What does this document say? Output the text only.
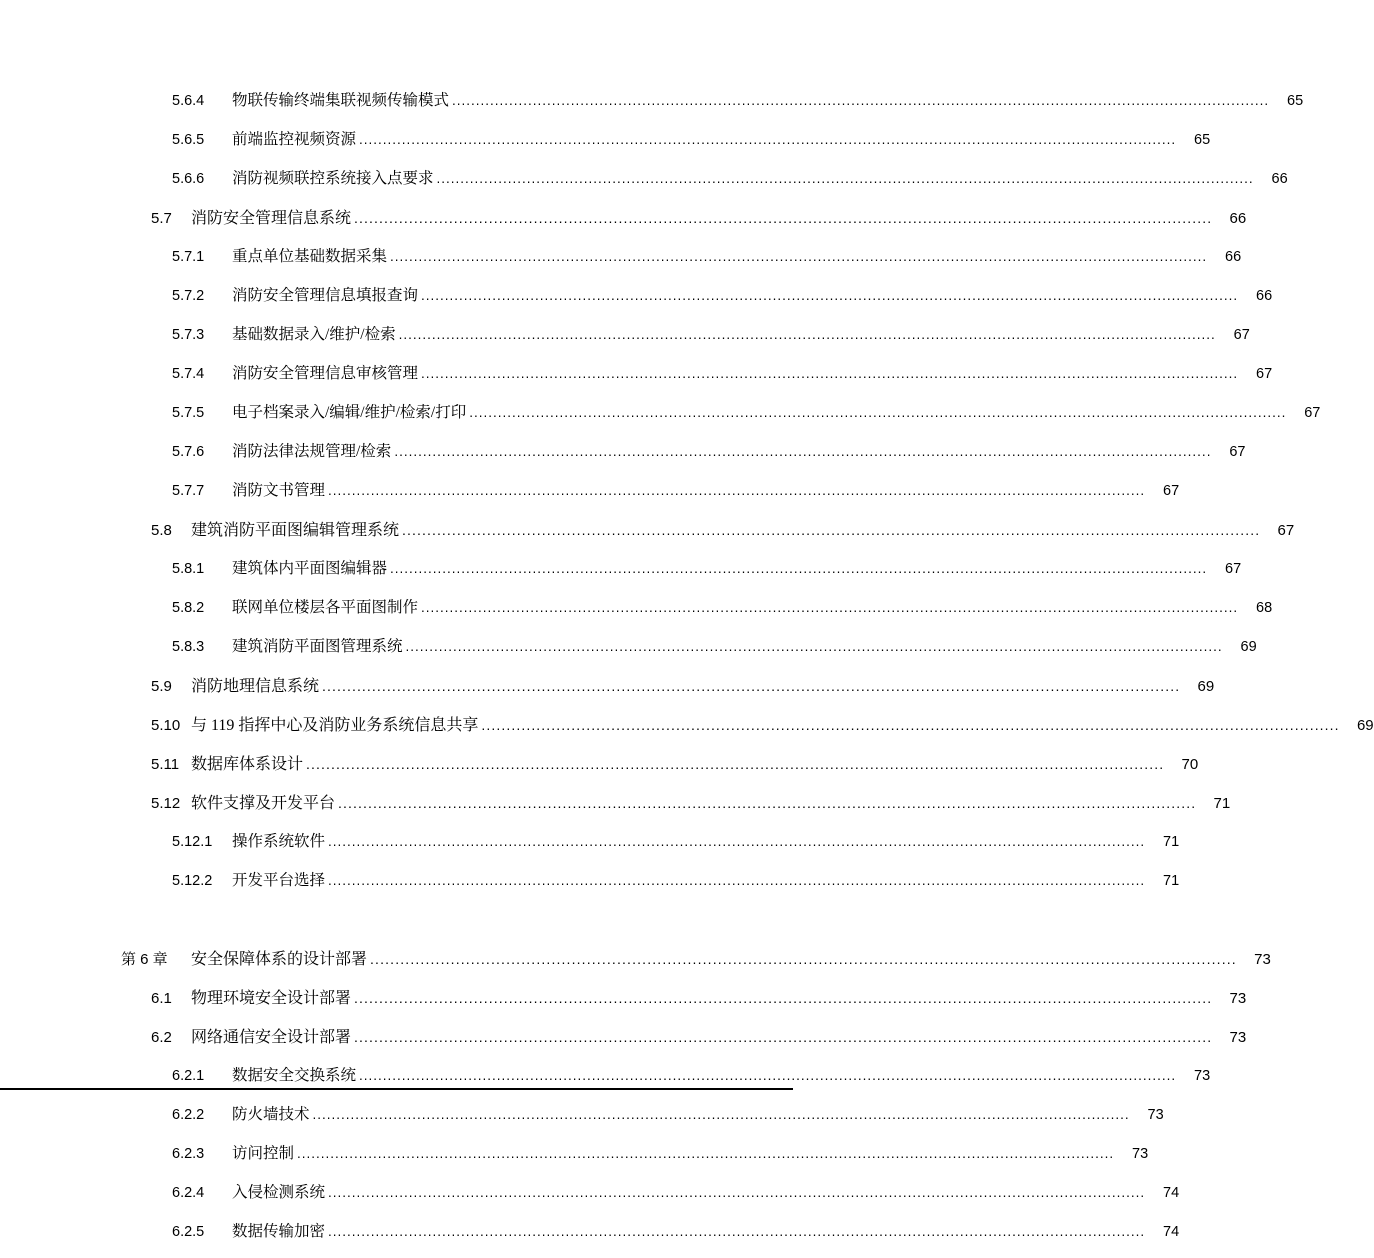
5.6.4	物联传输终端集联视频传输模式 .....	65
5.6.5	前端监控视频资源 .....	65
5.6.6	消防视频联控系统接入点要求 .....	66
5.7	消防安全管理信息系统 .....	66
5.7.1	重点单位基础数据采集 .....	66
5.7.2	消防安全管理信息填报查询 .....	66
5.7.3	基础数据录入/维护/检索 .....	67
5.7.4	消防安全管理信息审核管理 .....	67
5.7.5	电子档案录入/编辑/维护/检索/打印 .....	67
5.7.6	消防法律法规管理/检索 .....	67
5.7.7	消防文书管理 .....	67
5.8	建筑消防平面图编辑管理系统 .....	67
5.8.1	建筑体内平面图编辑器 .....	67
5.8.2	联网单位楼层各平面图制作 .....	68
5.8.3	建筑消防平面图管理系统 .....	69
5.9	消防地理信息系统 .....	69
5.10 与 119 指挥中心及消防业务系统信息共享 .....	69
5.11 数据库体系设计 .....	70
5.12 软件支撑及开发平台 .....	71
5.12.1	操作系统软件 .....	71
5.12.2	开发平台选择 .....	71
第 6 章	安全保障体系的设计部署 .....	73
6.1	物理环境安全设计部署 .....	73
6.2	网络通信安全设计部署 .....	73
6.2.1	数据安全交换系统 .....	73
6.2.2	防火墙技术 .....	73
6.2.3	访问控制 .....	73
6.2.4	入侵检测系统 .....	74
6.2.5	数据传输加密 .....	74
